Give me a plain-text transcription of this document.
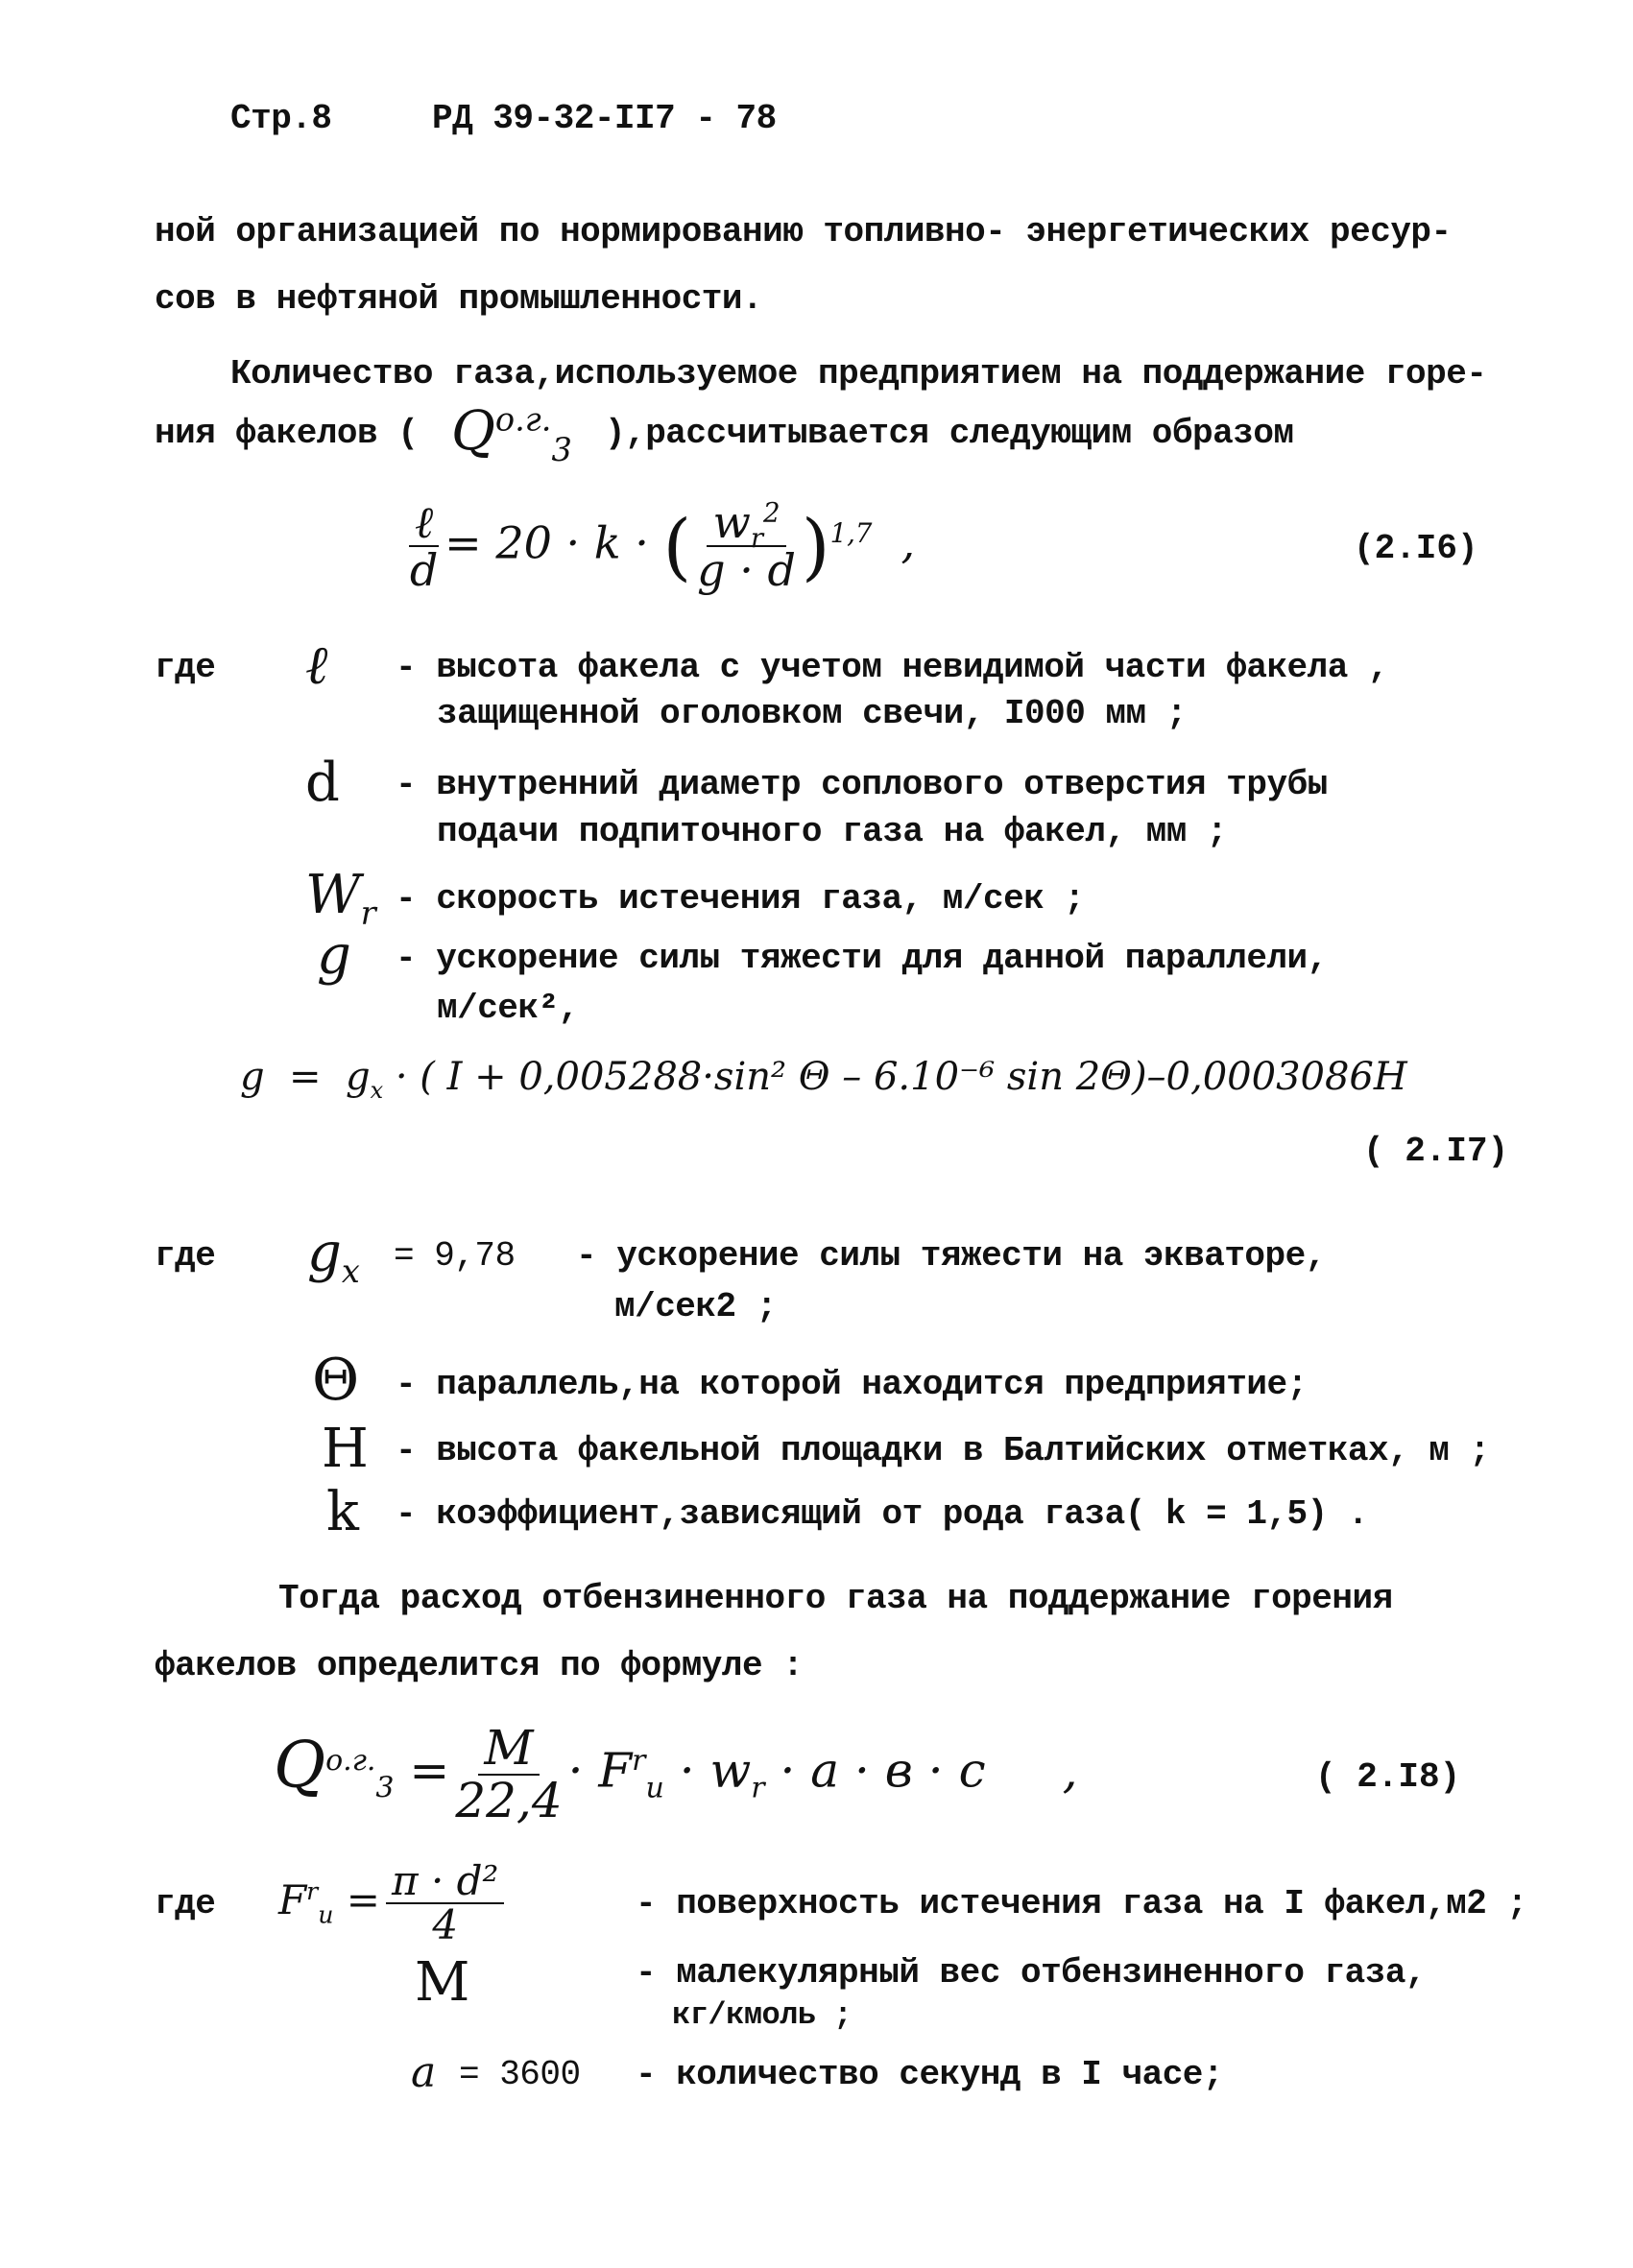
Стр.8	РД 39-32-II7 - 78
ной организацией по нормированию топливно- энергетических ресур-
сов в нефтяной промышленности.
Количество газа,используемое предприятием на поддержание горе-
ния факелов ( $Q^{о.г.}_3$ ),рассчитывается следующим образом
$\frac{\text{ℓ}}{d} = 20 \cdot k$ · ( $\frac{w_r^2}{g \cdot d} )^{1,7}$ ,	(2.I6)
где ℓ - высота факела с учетом невидимой части факела ,
защищенной оголовком свечи, I000 мм ;
d - внутренний диаметр соплового отверстия трубы
подачи подпиточного газа на факел, мм ;
$W_r$ - скорость истечения газа, м/сек ;
g - ускорение силы тяжести для данной параллели,
м/сек²,
$g = g_x$ · ( I + 0,005288·sin² Θ – 6.10⁻⁶ sin 2Θ)–0,0003086H
( 2.I7)
где $g_x = 9,78$ - ускорение силы тяжести на экваторе,
м/сек2 ;
Θ - параллель,на которой находится предприятие;
H - высота факельной площадки в Балтийских отметках, м ;
k - коэффициент,зависящий от рода газа( k = 1,5) .
Тогда расход отбензиненного газа на поддержание горения
факелов определится по формуле :
$Q^{о.г.}_3 = \frac{M}{22,4} \cdot F^r_и \cdot w_r \cdot a \cdot в \cdot c$ ,	( 2.I8)
где $F^r_и = \frac{\text{π · d²}}{4}$	- поверхность истечения газа на I факел,м2 ;
M	- малекулярный вес отбензиненного газа,
кг/кмоль ;
a = 3600 - количество секунд в I часе;
